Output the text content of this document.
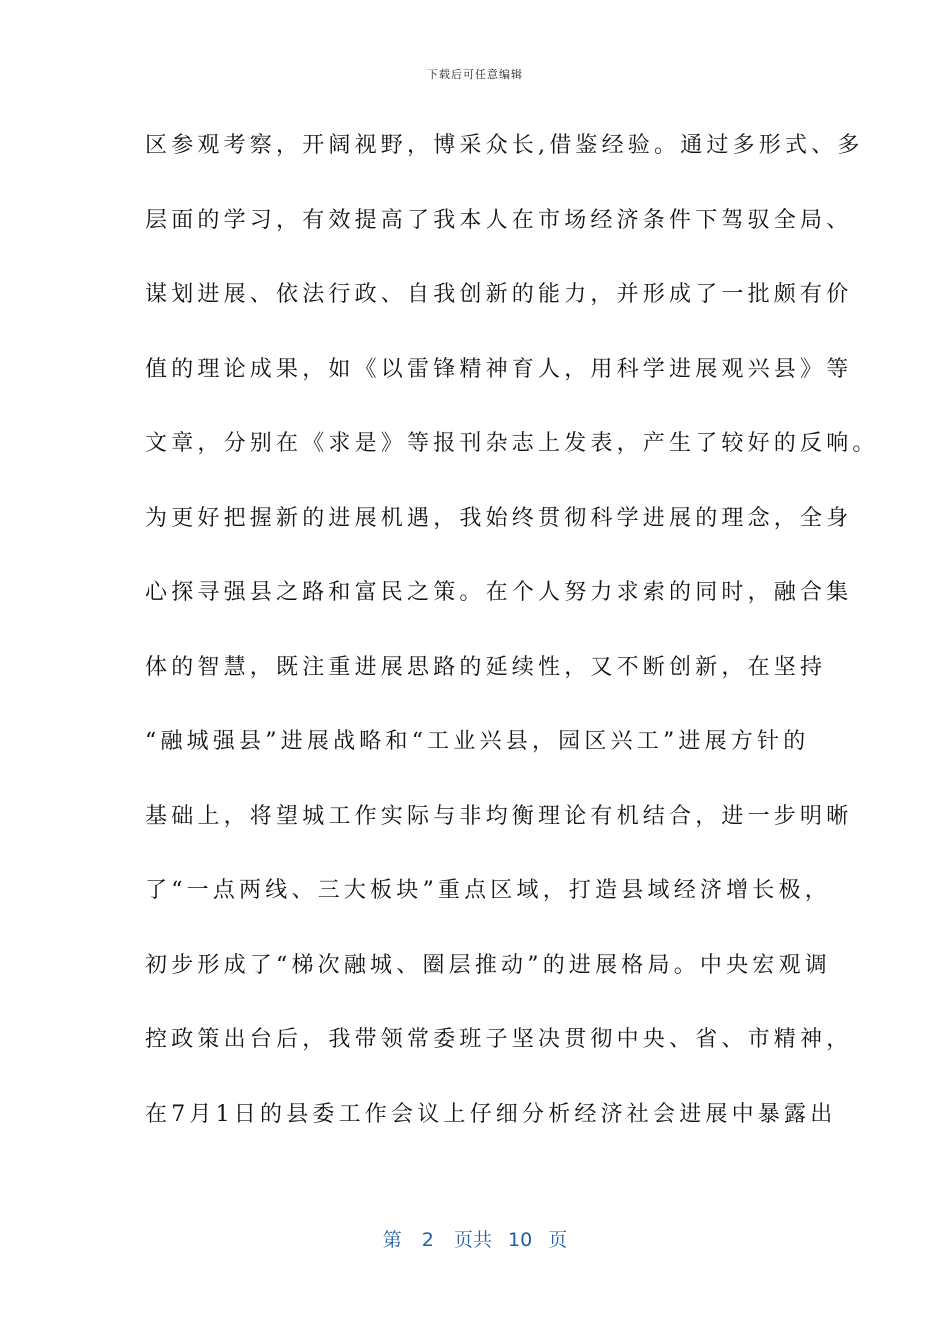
下载后可任意编辑
区参观考察，开阔视野，博采众长,借鉴经验。通过多形式、多
层面的学习，有效提高了我本人在市场经济条件下驾驭全局、
谋划进展、依法行政、自我创新的能力，并形成了一批颇有价
值的理论成果，如《以雷锋精神育人，用科学进展观兴县》等
文章，分别在《求是》等报刊杂志上发表，产生了较好的反响。
为更好把握新的进展机遇，我始终贯彻科学进展的理念，全身
心探寻强县之路和富民之策。在个人努力求索的同时，融合集
体的智慧，既注重进展思路的延续性，又不断创新，在坚持
“融城强县”进展战略和“工业兴县，园区兴工”进展方针的
基础上，将望城工作实际与非均衡理论有机结合，进一步明晰
了“一点两线、三大板块”重点区域，打造县域经济增长极，
初步形成了“梯次融城、圈层推动”的进展格局。中央宏观调
控政策出台后，我带领常委班子坚决贯彻中央、省、市精神，
在7月1日的县委工作会议上仔细分析经济社会进展中暴露出
第 2 页共 10 页
